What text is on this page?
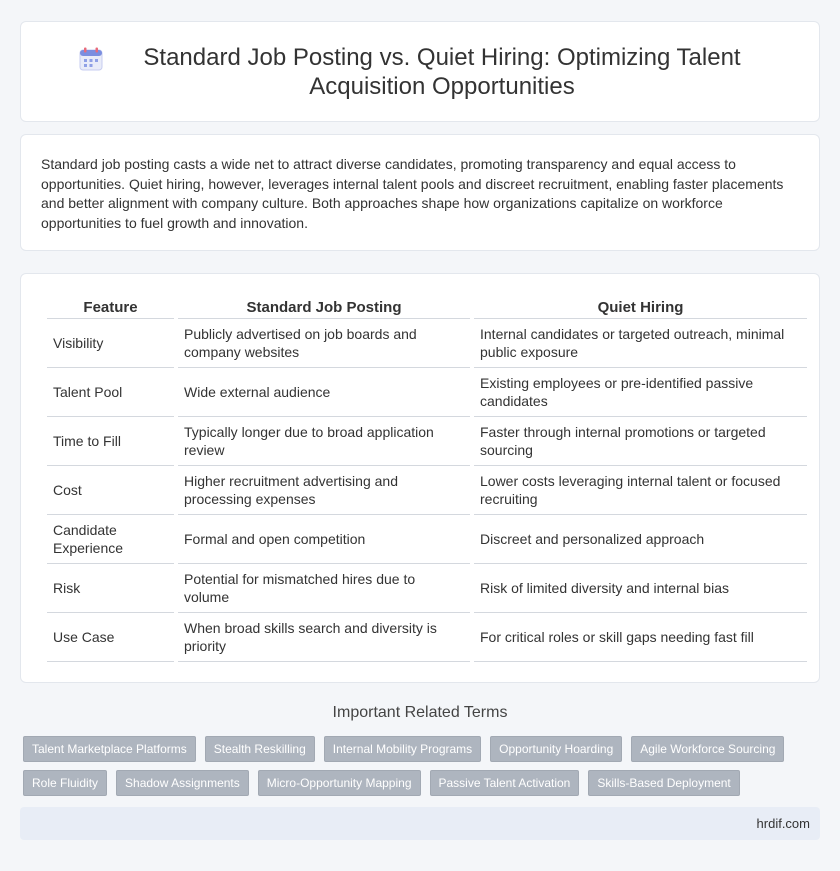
Standard Job Posting vs. Quiet Hiring: Optimizing Talent Acquisition Opportunities

Standard job posting casts a wide net to attract diverse candidates, promoting transparency and equal access to opportunities. Quiet hiring, however, leverages internal talent pools and discreet recruitment, enabling faster placements and better alignment with company culture. Both approaches shape how organizations capitalize on workforce opportunities to fuel growth and innovation.

Feature	Standard Job Posting	Quiet Hiring
Visibility	Publicly advertised on job boards and company websites	Internal candidates or targeted outreach, minimal public exposure
Talent Pool	Wide external audience	Existing employees or pre-identified passive candidates
Time to Fill	Typically longer due to broad application review	Faster through internal promotions or targeted sourcing
Cost	Higher recruitment advertising and processing expenses	Lower costs leveraging internal talent or focused recruiting
Candidate Experience	Formal and open competition	Discreet and personalized approach
Risk	Potential for mismatched hires due to volume	Risk of limited diversity and internal bias
Use Case	When broad skills search and diversity is priority	For critical roles or skill gaps needing fast fill
Important Related Terms
Talent Marketplace Platforms	Stealth Reskilling	Internal Mobility Programs	Opportunity Hoarding	Agile Workforce Sourcing
Role Fluidity	Shadow Assignments	Micro-Opportunity Mapping	Passive Talent Activation	Skills-Based Deployment
hrdif.com
